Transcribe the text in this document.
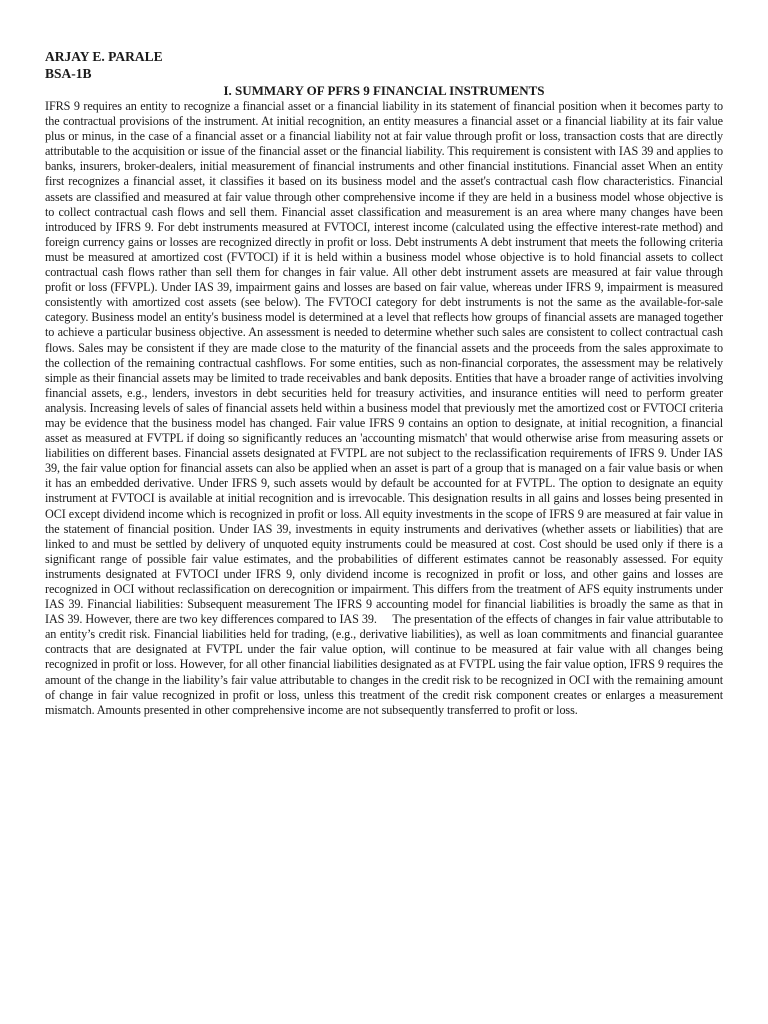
ARJAY E. PARALE
BSA-1B
I. SUMMARY OF PFRS 9 FINANCIAL INSTRUMENTS

IFRS 9 requires an entity to recognize a financial asset or a financial liability in its statement of financial position when it becomes party to the contractual provisions of the instrument. At initial recognition, an entity measures a financial asset or a financial liability at its fair value plus or minus, in the case of a financial asset or a financial liability not at fair value through profit or loss, transaction costs that are directly attributable to the acquisition or issue of the financial asset or the financial liability. This requirement is consistent with IAS 39 and applies to banks, insurers, broker-dealers, initial measurement of financial instruments and other financial institutions. Financial asset When an entity first recognizes a financial asset, it classifies it based on its business model and the asset's contractual cash flow characteristics. Financial assets are classified and measured at fair value through other comprehensive income if they are held in a business model whose objective is to collect contractual cash flows and sell them. Financial asset classification and measurement is an area where many changes have been introduced by IFRS 9. For debt instruments measured at FVTOCI, interest income (calculated using the effective interest-rate method) and foreign currency gains or losses are recognized directly in profit or loss. Debt instruments A debt instrument that meets the following criteria must be measured at amortized cost (FVTOCI) if it is held within a business model whose objective is to hold financial assets to collect contractual cash flows rather than sell them for changes in fair value. All other debt instrument assets are measured at fair value through profit or loss (FFVPL). Under IAS 39, impairment gains and losses are based on fair value, whereas under IFRS 9, impairment is measured consistently with amortized cost assets (see below). The FVTOCI category for debt instruments is not the same as the available-for-sale category. Business model an entity's business model is determined at a level that reflects how groups of financial assets are managed together to achieve a particular business objective. An assessment is needed to determine whether such sales are consistent to collect contractual cash flows. Sales may be consistent if they are made close to the maturity of the financial assets and the proceeds from the sales approximate to the collection of the remaining contractual cashflows. For some entities, such as non-financial corporates, the assessment may be relatively simple as their financial assets may be limited to trade receivables and bank deposits. Entities that have a broader range of activities involving financial assets, e.g., lenders, investors in debt securities held for treasury activities, and insurance entities will need to perform greater analysis. Increasing levels of sales of financial assets held within a business model that previously met the amortized cost or FVTOCI criteria may be evidence that the business model has changed. Fair value IFRS 9 contains an option to designate, at initial recognition, a financial asset as measured at FVTPL if doing so significantly reduces an 'accounting mismatch' that would otherwise arise from measuring assets or liabilities on different bases. Financial assets designated at FVTPL are not subject to the reclassification requirements of IFRS 9. Under IAS 39, the fair value option for financial assets can also be applied when an asset is part of a group that is managed on a fair value basis or when it has an embedded derivative. Under IFRS 9, such assets would by default be accounted for at FVTPL. The option to designate an equity instrument at FVTOCI is available at initial recognition and is irrevocable. This designation results in all gains and losses being presented in OCI except dividend income which is recognized in profit or loss. All equity investments in the scope of IFRS 9 are measured at fair value in the statement of financial position. Under IAS 39, investments in equity instruments and derivatives (whether assets or liabilities) that are linked to and must be settled by delivery of unquoted equity instruments could be measured at cost. Cost should be used only if there is a significant range of possible fair value estimates, and the probabilities of different estimates cannot be reasonably assessed. For equity instruments designated at FVTOCI under IFRS 9, only dividend income is recognized in profit or loss, and other gains and losses are recognized in OCI without reclassification on derecognition or impairment. This differs from the treatment of AFS equity instruments under IAS 39. Financial liabilities: Subsequent measurement The IFRS 9 accounting model for financial liabilities is broadly the same as that in IAS 39. However, there are two key differences compared to IAS 39. The presentation of the effects of changes in fair value attributable to an entity’s credit risk. Financial liabilities held for trading, (e.g., derivative liabilities), as well as loan commitments and financial guarantee contracts that are designated at FVTPL under the fair value option, will continue to be measured at fair value with all changes being recognized in profit or loss. However, for all other financial liabilities designated as at FVTPL using the fair value option, IFRS 9 requires the amount of the change in the liability’s fair value attributable to changes in the credit risk to be recognized in OCI with the remaining amount of change in fair value recognized in profit or loss, unless this treatment of the credit risk component creates or enlarges a measurement mismatch. Amounts presented in other comprehensive income are not subsequently transferred to profit or loss.
